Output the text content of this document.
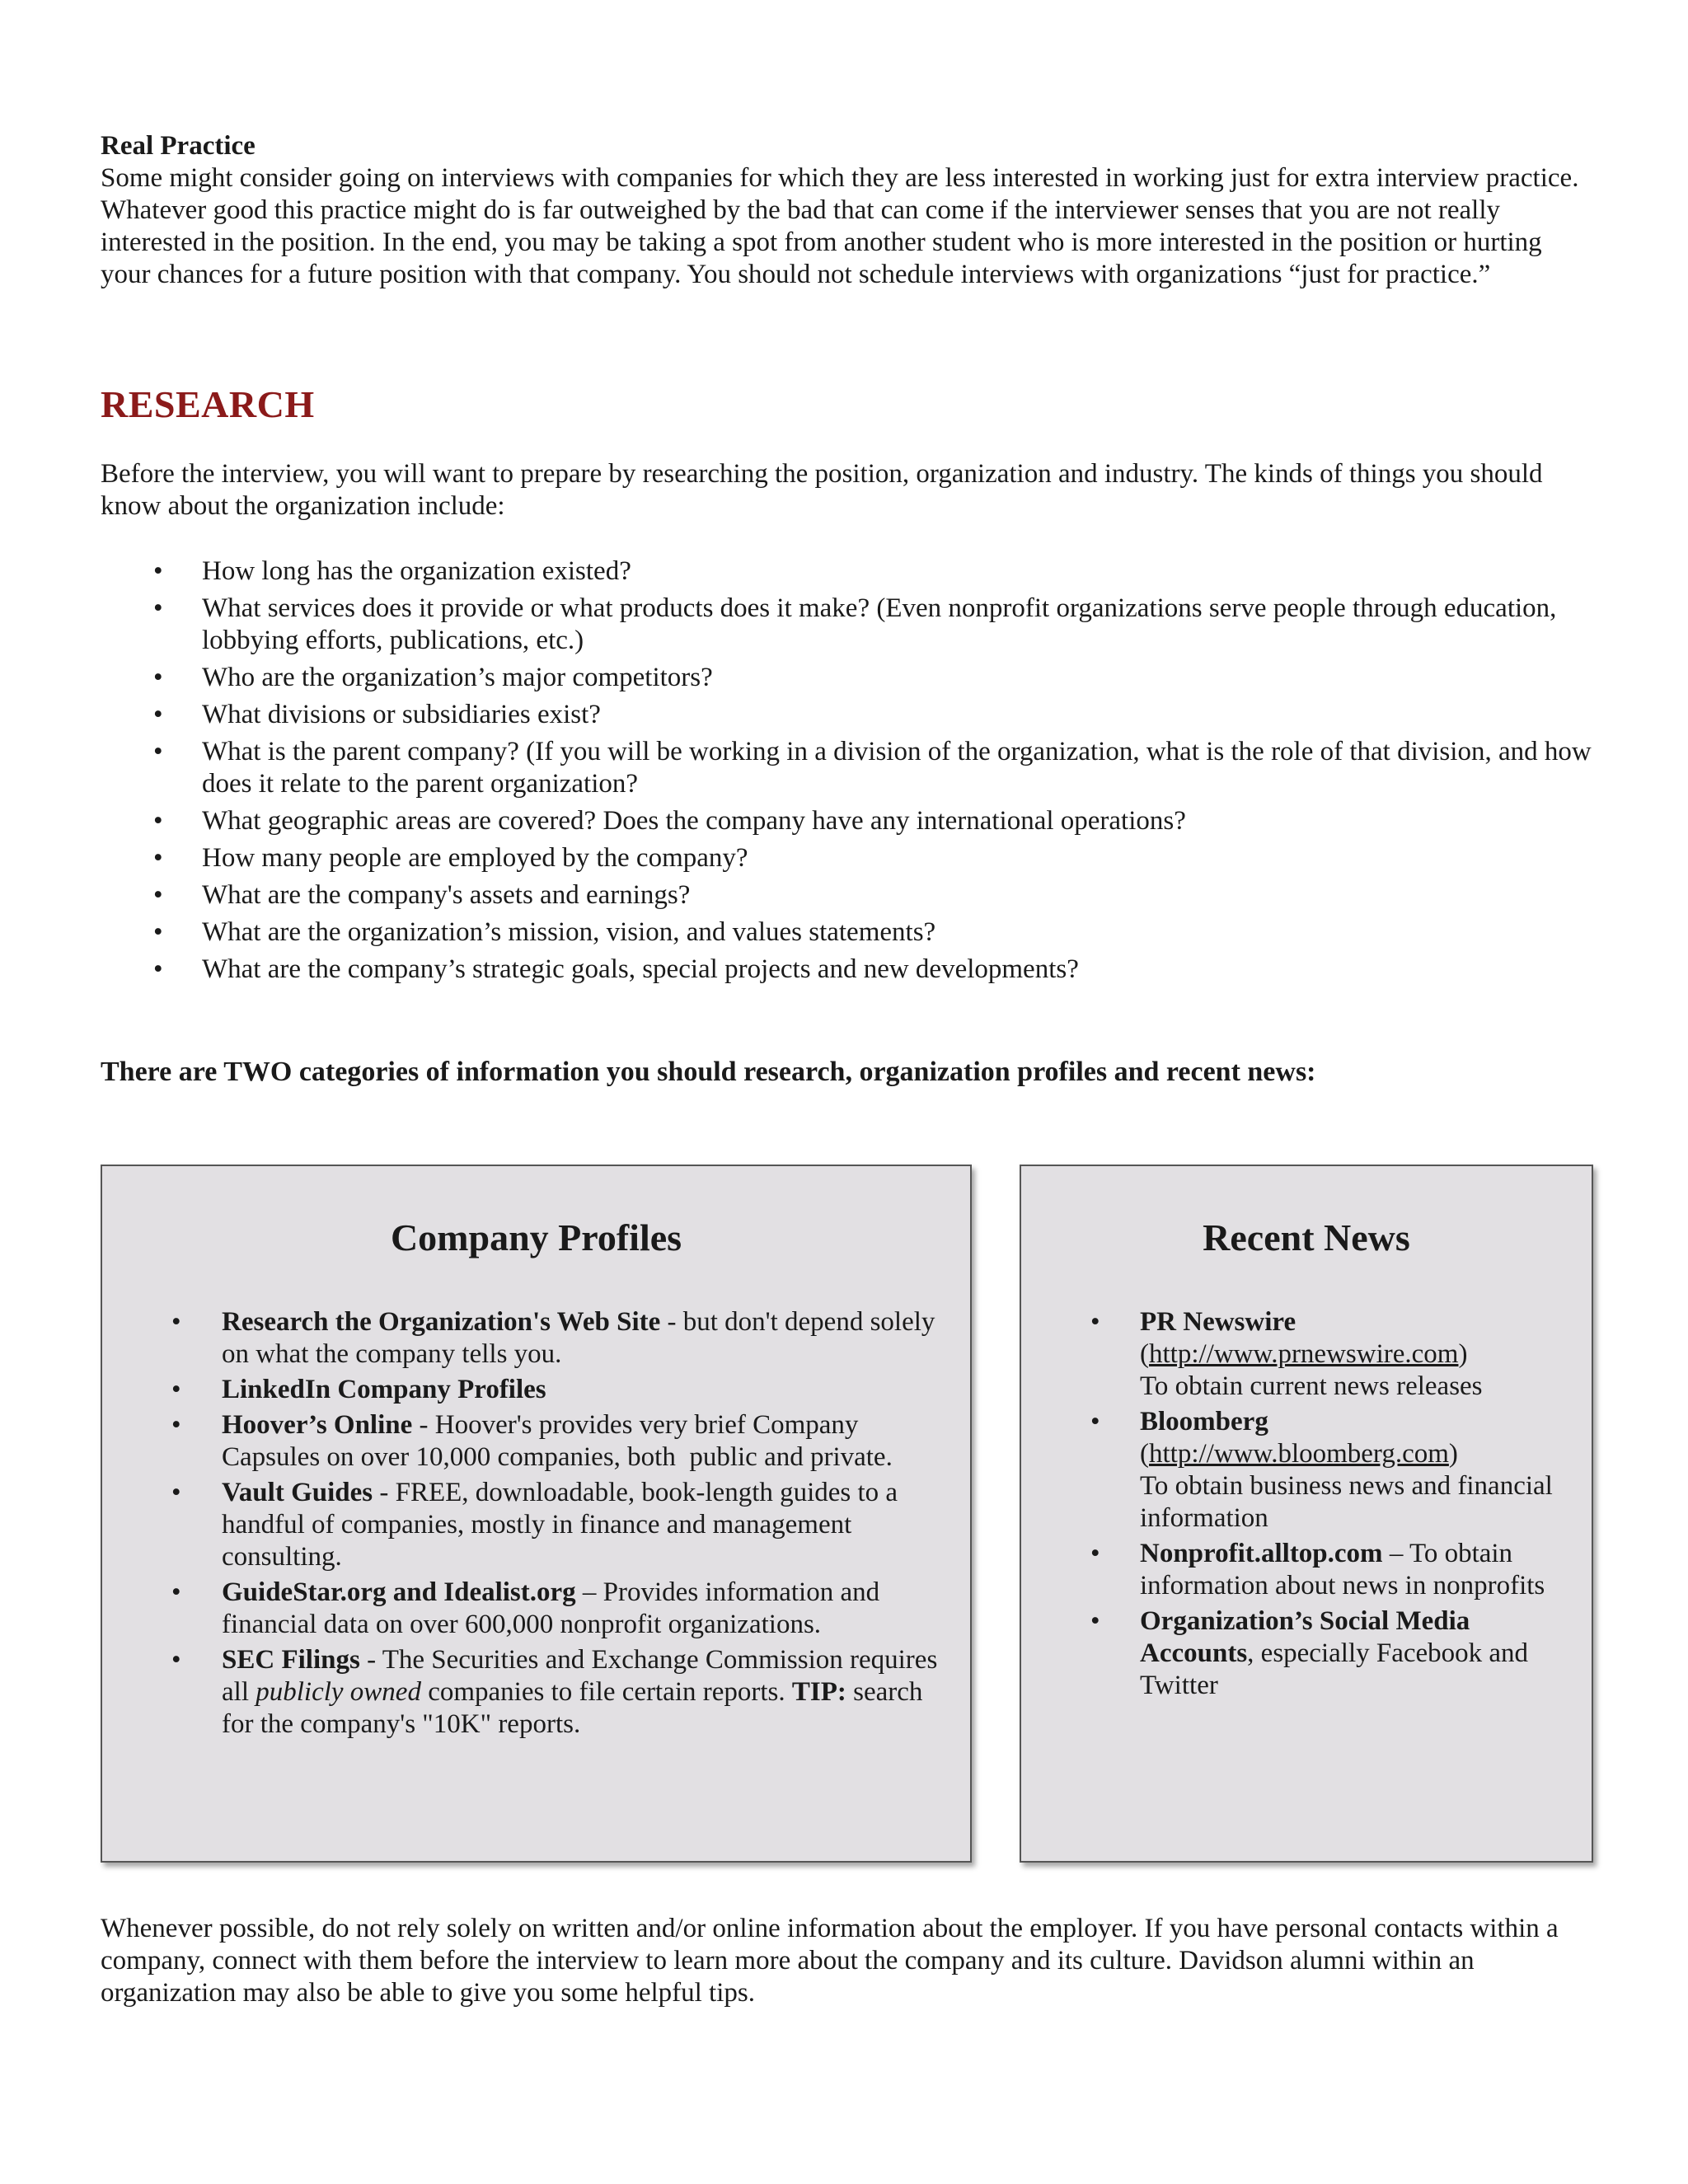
Real Practice

Some might consider going on interviews with companies for which they are less interested in working just for extra interview practice. Whatever good this practice might do is far outweighed by the bad that can come if the interviewer senses that you are not really interested in the position. In the end, you may be taking a spot from another student who is more interested in the position or hurting your chances for a future position with that company. You should not schedule interviews with organizations “just for practice.”

RESEARCH

Before the interview, you will want to prepare by researching the position, organization and industry. The kinds of things you should know about the organization include:

• How long has the organization existed?
• What services does it provide or what products does it make? (Even nonprofit organizations serve people through education, lobbying efforts, publications, etc.)
• Who are the organization’s major competitors?
• What divisions or subsidiaries exist?
• What is the parent company? (If you will be working in a division of the organization, what is the role of that division, and how does it relate to the parent organization?
• What geographic areas are covered? Does the company have any international operations?
• How many people are employed by the company?
• What are the company's assets and earnings?
• What are the organization’s mission, vision, and values statements?
• What are the company’s strategic goals, special projects and new developments?
There are TWO categories of information you should research, organization profiles and recent news:
Company Profiles
• Research the Organization's Web Site - but don't depend solely on what the company tells you.
• LinkedIn Company Profiles
• Hoover’s Online - Hoover's provides very brief Company Capsules on over 10,000 companies, both  public and private.
• Vault Guides - FREE, downloadable, book-length guides to a handful of companies, mostly in finance and management consulting.
• GuideStar.org and Idealist.org – Provides information and financial data on over 600,000 nonprofit organizations.
• SEC Filings - The Securities and Exchange Commission requires all publicly owned companies to file certain reports. TIP: search for the company's "10K" reports.
Recent News
• PR Newswire
(http://www.prnewswire.com)
To obtain current news releases
• Bloomberg
(http://www.bloomberg.com)
To obtain business news and financial information
• Nonprofit.alltop.com – To obtain information about news in nonprofits
• Organization’s Social Media Accounts, especially Facebook and Twitter

Whenever possible, do not rely solely on written and/or online information about the employer. If you have personal contacts within a company, connect with them before the interview to learn more about the company and its culture. Davidson alumni within an organization may also be able to give you some helpful tips.
